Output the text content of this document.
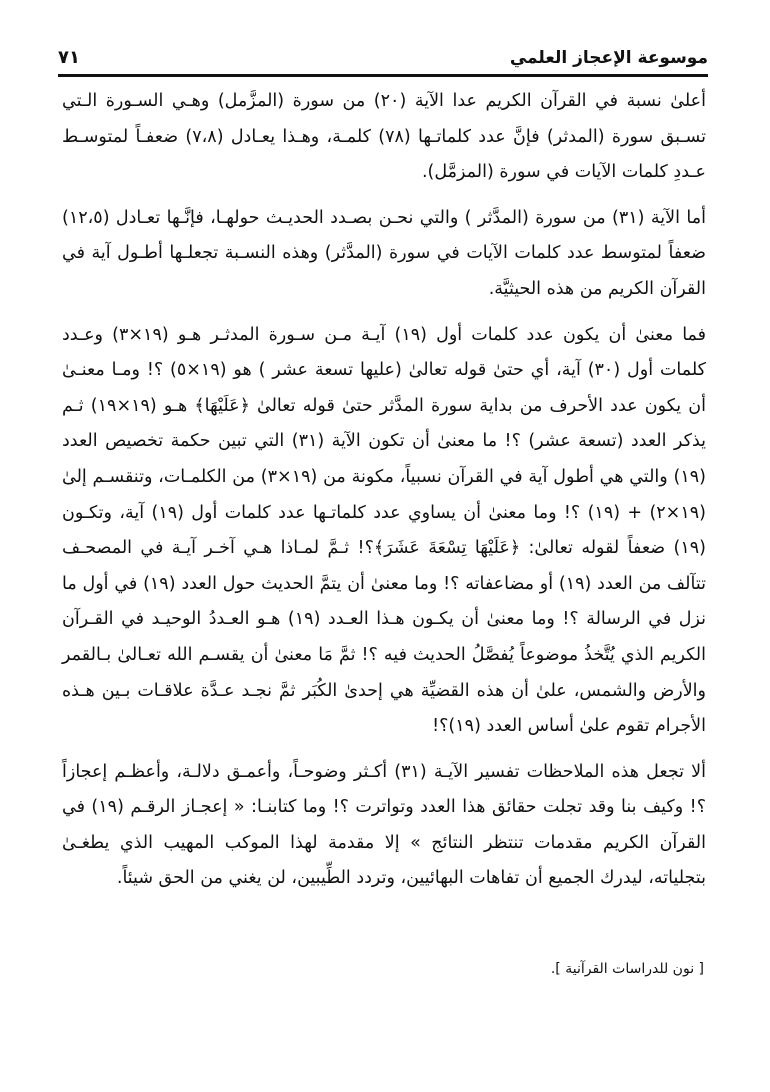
موسوعة الإعجاز العلمي
٧١

أعلىٰ نسبة في القرآن الكريم عدا الآية (٢٠) من سورة (المزَّمل) وهـي السـورة الـتي تسـبق سورة (المدثر) فإنَّ عدد كلماتـها (٧٨) كلمـة، وهـذا يعـادل (٧،٨) ضعفـاً لمتوسـط عـددِ كلمات الآيات في سورة (المزمَّل).

أما الآية (٣١) من سورة (المدَّثر ) والتي نحـن بصـدد الحديـث حولهـا، فإنَّـها تعـادل (١٢،٥) ضعفاً لمتوسط عدد كلمات الآيات في سورة (المدَّثر) وهذه النسـبة تجعلـها أطـول آية في القرآن الكريم من هذه الحيثيَّة.

فما معنىٰ أن يكون عدد كلمات أول (١٩) آيـة مـن سـورة المدثـر هـو (١٩×٣) وعـدد كلمات أول (٣٠) آية، أي حتىٰ قوله تعالىٰ (عليها تسعة عشر ) هو (١٩×٥) ؟! ومـا معنـىٰ أن يكون عدد الأحرف من بداية سورة المدَّثر حتىٰ قوله تعالىٰ ﴿عَلَيْهَا﴾ هـو (١٩×١٩) ثـم يذكر العدد (تسعة عشر) ؟! ما معنىٰ أن تكون الآية (٣١) التي تبين حكمة تخصيص العدد (١٩) والتي هي أطول آية في القرآن نسبياً، مكونة من (١٩×٣) من الكلمـات، وتنقسـم إلىٰ (١٩×٢) + (١٩) ؟! وما معنىٰ أن يساوي عدد كلماتـها عدد كلمات أول (١٩) آية، وتكـون (١٩) ضعفاً لقوله تعالىٰ: ﴿عَلَيْهَا تِسْعَةَ عَشَرَ﴾؟! ثـمَّ لمـاذا هـي آخـر آيـة في المصحـف تتآلف من العدد (١٩) أو مضاعفاته ؟! وما معنىٰ أن يتمَّ الحديث حول العدد (١٩) في أول ما نزل في الرسالة ؟! وما معنىٰ أن يكـون هـذا العـدد (١٩) هـو العـددُ الوحيـد في القـرآن الكريم الذي يُتَّخذُ موضوعاً يُفصَّلُ الحديث فيه ؟! ثمَّ مَا معنىٰ أن يقسـم الله تعـالىٰ بـالقمر والأرض والشمس، علىٰ أن هذه القضيِّة هي إحدىٰ الكُبَر ثمَّ نجـد عـدَّة علاقـات بـين هـذه الأجرام تقوم علىٰ أساس العدد (١٩)؟!

ألا تجعل هذه الملاحظات تفسير الآيـة (٣١) أكـثر وضوحـاً، وأعمـق دلالـة، وأعظـم إعجازاً ؟! وكيف بنا وقد تجلت حقائق هذا العدد وتواترت ؟! وما كتابنـا: « إعجـاز الرقـم (١٩) في القرآن الكريم مقدمات تنتظر النتائج » إلا مقدمة لهذا الموكب المهيب الذي يطغـىٰ بتجلياته، ليدرك الجميع أن تفاهات البهائيين، وتردد الطِّيبين، لن يغني من الحق شيئاً.

[ نون للدراسات القرآنية ].
